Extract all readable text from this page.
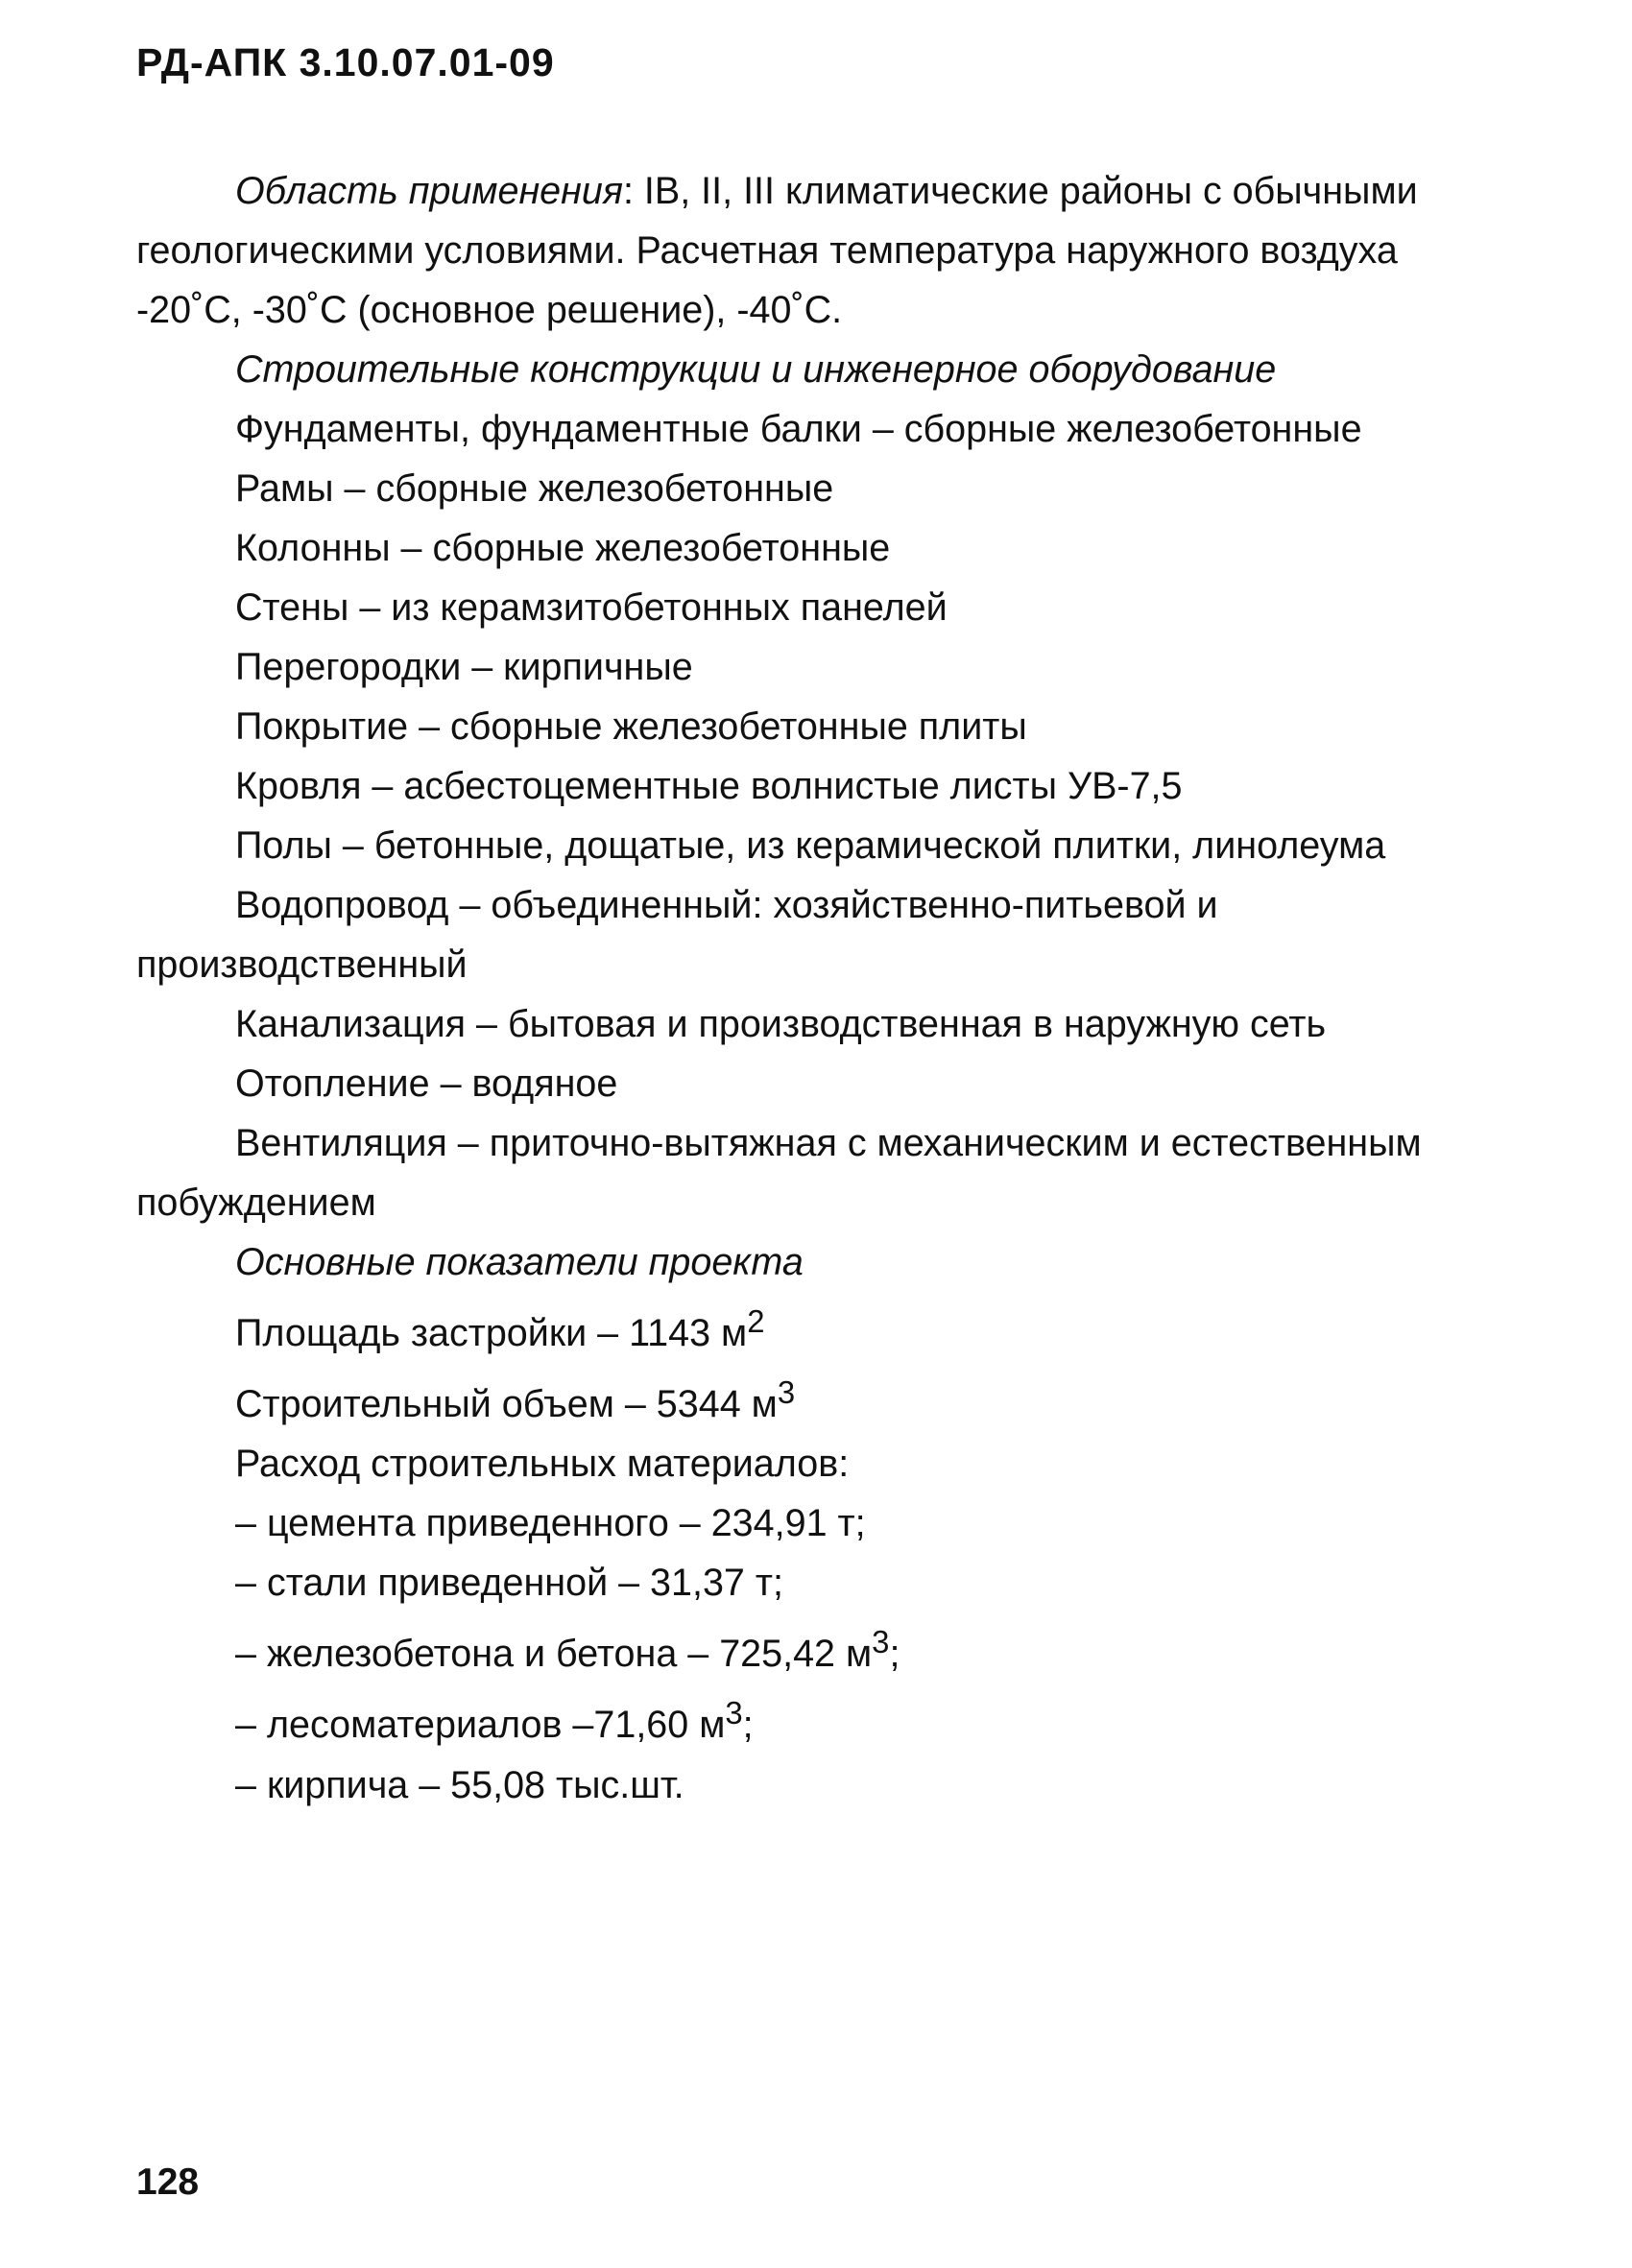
РД-АПК 3.10.07.01-09

Область применения: IB, II, III климатические районы с обычными геологическими условиями. Расчетная температура наружного воздуха -20˚С, -30˚С (основное решение), -40˚С.

Строительные конструкции и инженерное оборудование

Фундаменты, фундаментные балки – сборные железобетонные

Рамы – сборные железобетонные

Колонны – сборные железобетонные

Стены – из керамзитобетонных панелей

Перегородки – кирпичные

Покрытие – сборные железобетонные плиты

Кровля – асбестоцементные волнистые листы УВ-7,5

Полы – бетонные, дощатые, из керамической плитки, линолеума

Водопровод – объединенный: хозяйственно-питьевой и производственный

Канализация – бытовая и производственная в наружную сеть

Отопление – водяное

Вентиляция – приточно-вытяжная с механическим и естественным побуждением

Основные показатели проекта

Площадь застройки – 1143 $м^2$

Строительный объем – 5344 $м^3$

Расход строительных материалов:

– цемента приведенного – 234,91 т;

– стали приведенной – 31,37 т;

– железобетона и бетона – 725,42 $м^3$;

– лесоматериалов –71,60 $м^3$;

– кирпича – 55,08 тыс.шт.

128
